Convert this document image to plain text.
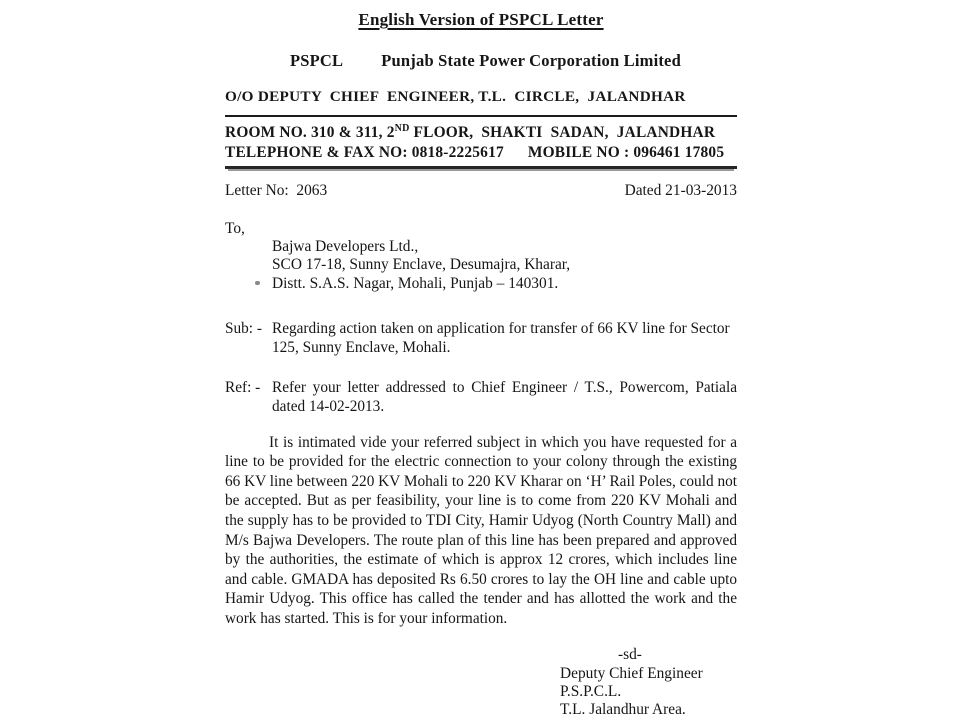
English Version of PSPCL Letter
PSPCL Punjab State Power Corporation Limited
O/O DEPUTY  CHIEF  ENGINEER, T.L.  CIRCLE,  JALANDHAR
ROOM NO. 310 & 311, 2ND FLOOR,  SHAKTI  SADAN,  JALANDHAR
TELEPHONE & FAX NO: 0818-2225617 MOBILE NO : 096461 17805
Letter No:  2063	Dated 21-03-2013
To,
Bajwa Developers Ltd.,
SCO 17-18, Sunny Enclave, Desumajra, Kharar,
Distt. S.A.S. Nagar, Mohali, Punjab – 140301.
Sub: - Regarding action taken on application for transfer of 66 KV line for Sector 125, Sunny Enclave, Mohali.
Ref: - Refer your letter addressed to Chief Engineer / T.S., Powercom, Patiala dated 14-02-2013.
It is intimated vide your referred subject in which you have requested for a line to be provided for the electric connection to your colony through the existing 66 KV line between 220 KV Mohali to 220 KV Kharar on ‘H’ Rail Poles, could not be accepted. But as per feasibility, your line is to come from 220 KV Mohali and the supply has to be provided to TDI City, Hamir Udyog (North Country Mall) and M/s Bajwa Developers. The route plan of this line has been prepared and approved by the authorities, the estimate of which is approx 12 crores, which includes line and cable. GMADA has deposited Rs 6.50 crores to lay the OH line and cable upto Hamir Udyog. This office has called the tender and has allotted the work and the work has started. This is for your information.
-sd-
Deputy Chief Engineer
P.S.P.C.L.
T.L. Jalandhur Area.
